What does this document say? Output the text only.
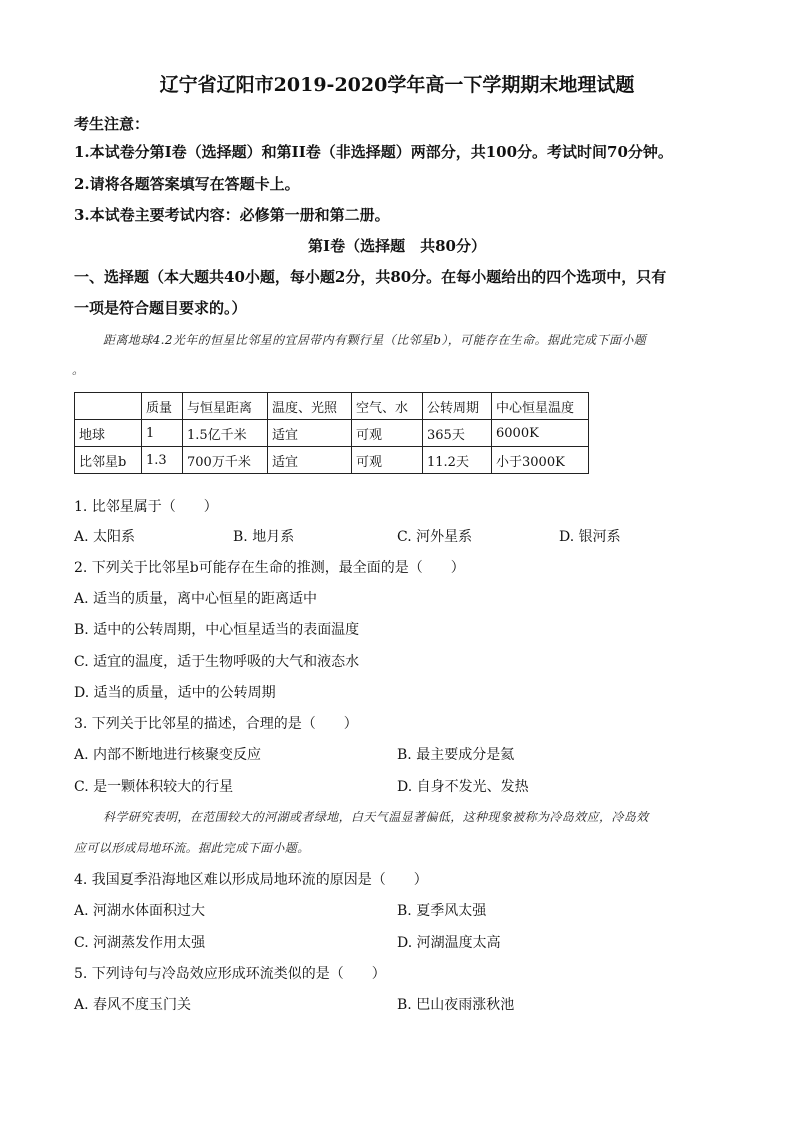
辽宁省辽阳市2019-2020学年高一下学期期末地理试题
考生注意：
1.本试卷分第Ⅰ卷（选择题）和第II卷（非选择题）两部分，共100分。考试时间70分钟。
2.请将各题答案填写在答题卡上。
3.本试卷主要考试内容：必修第一册和第二册。
第Ⅰ卷（选择题　共80分）
一、选择题（本大题共40小题，每小题2分，共80分。在每小题给出的四个选项中，只有
一项是符合题目要求的。）
距离地球4.2光年的恒星比邻星的宜居带内有颗行星（比邻星b），可能存在生命。据此完成下面小题
。
	质量	与恒星距离	温度、光照	空气、水	公转周期	中心恒星温度
地球	1	1.5亿千米	适宜	可观	365天	6000K
比邻星b	1.3	700万千米	适宜	可观	11.2天	小于3000K
1. 比邻星属于（　　）
A. 太阳系	B. 地月系	C. 河外星系	D. 银河系
2. 下列关于比邻星b可能存在生命的推测，最全面的是（　　）
A. 适当的质量，离中心恒星的距离适中
B. 适中的公转周期，中心恒星适当的表面温度
C. 适宜的温度，适于生物呼吸的大气和液态水
D. 适当的质量，适中的公转周期
3. 下列关于比邻星的描述，合理的是（　　）
A. 内部不断地进行核聚变反应	B. 最主要成分是氦
C. 是一颗体积较大的行星	D. 自身不发光、发热
科学研究表明，在范围较大的河湖或者绿地，白天气温显著偏低，这种现象被称为冷岛效应，冷岛效
应可以形成局地环流。据此完成下面小题。
4. 我国夏季沿海地区难以形成局地环流的原因是（　　）
A. 河湖水体面积过大	B. 夏季风太强
C. 河湖蒸发作用太强	D. 河湖温度太高
5. 下列诗句与冷岛效应形成环流类似的是（　　）
A. 春风不度玉门关	B. 巴山夜雨涨秋池
